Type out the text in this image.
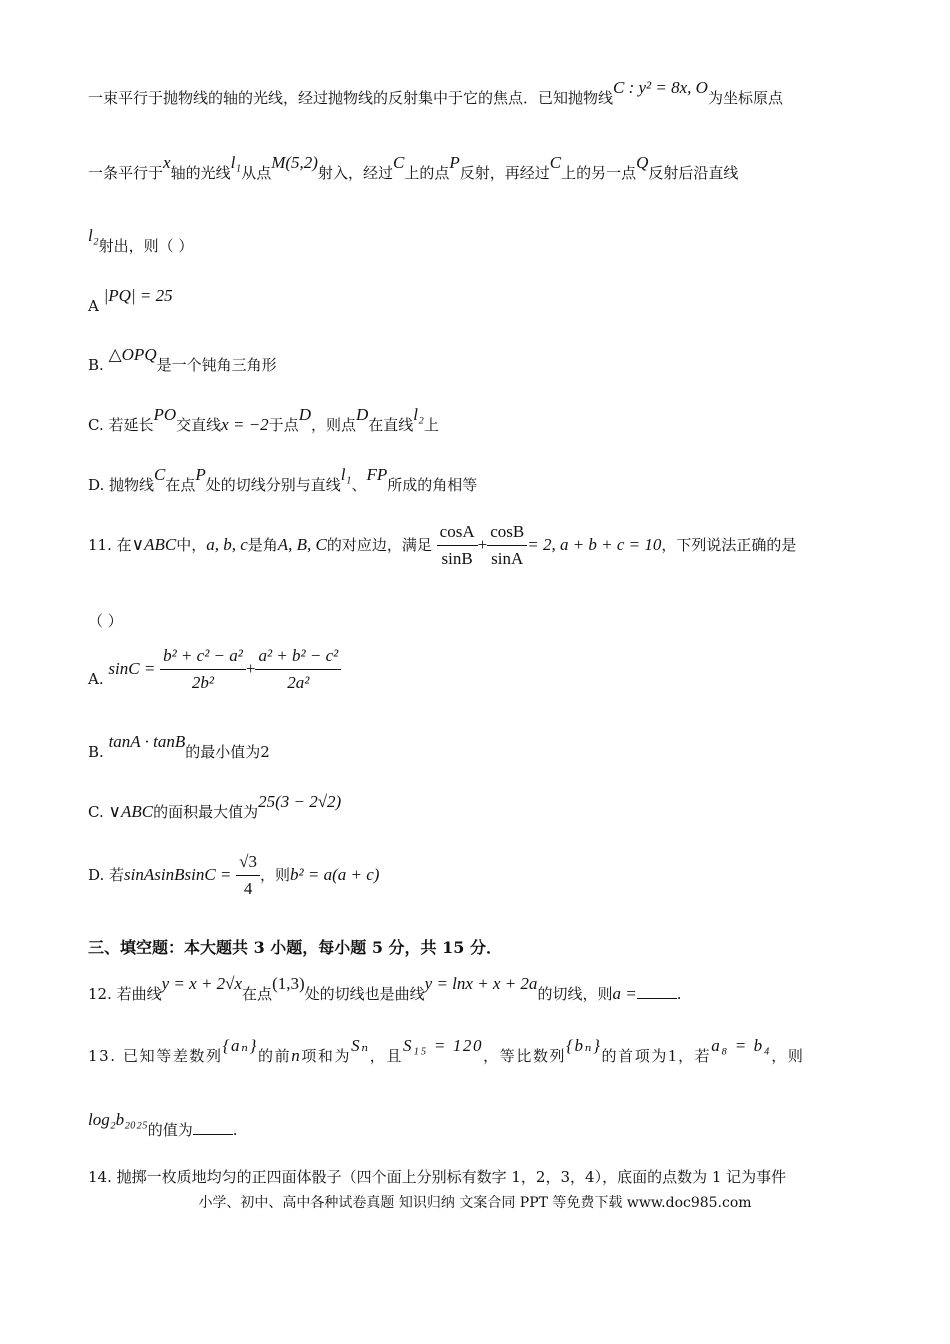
一束平行于抛物线的轴的光线，经过抛物线的反射集中于它的焦点．已知抛物线C : y² = 8x, O为坐标原点
一条平行于x轴的光线l₁从点M(5,2)射入，经过C上的点P反射，再经过C上的另一点Q反射后沿直线
l₂射出，则（ ）
A |PQ| = 25
B. △OPQ是一个钝角三角形
C. 若延长PO交直线x = −2于点D，则点D在直线l₂上
D. 抛物线C在点P处的切线分别与直线l₁、FP所成的角相等
11. 在∨ABC中，a, b, c是角A, B, C的对应边，满足 $\frac{\cos A}{\sin B} + \frac{\cos B}{\sin A} = 2$, a + b + c = 10，下列说法正确的是
（ ）
A. $\sin C = \frac{\text{b² + c² − a²}}{\text{2b²}} + \frac{\text{a² + b² − c²}}{\text{2a²}}$
B. tanA · tanB的最小值为2
C. ∨ABC的面积最大值为25(3 − 2√2)
D. 若sinAsinBsinC = $\frac{√3}{4}$ ，则b² = a(a + c)
三、填空题：本大题共 3 小题，每小题 5 分，共 15 分．
12. 若曲线y = x + 2√x在点(1,3)处的切线也是曲线y = lnx + x + 2a的切线，则a =	.
13. 已知等差数列{aₙ}的前n项和为Sₙ，且S₁₅ = 120，等比数列{bₙ}的首项为1，若a₈ = b₄，则
log₂b₂₀₂₅的值为	.
14. 抛掷一枚质地均匀的正四面体骰子（四个面上分别标有数字 1，2，3，4），底面的点数为 1 记为事件
小学、初中、高中各种试卷真题 知识归纳 文案合同 PPT 等免费下载 www.doc985.com
